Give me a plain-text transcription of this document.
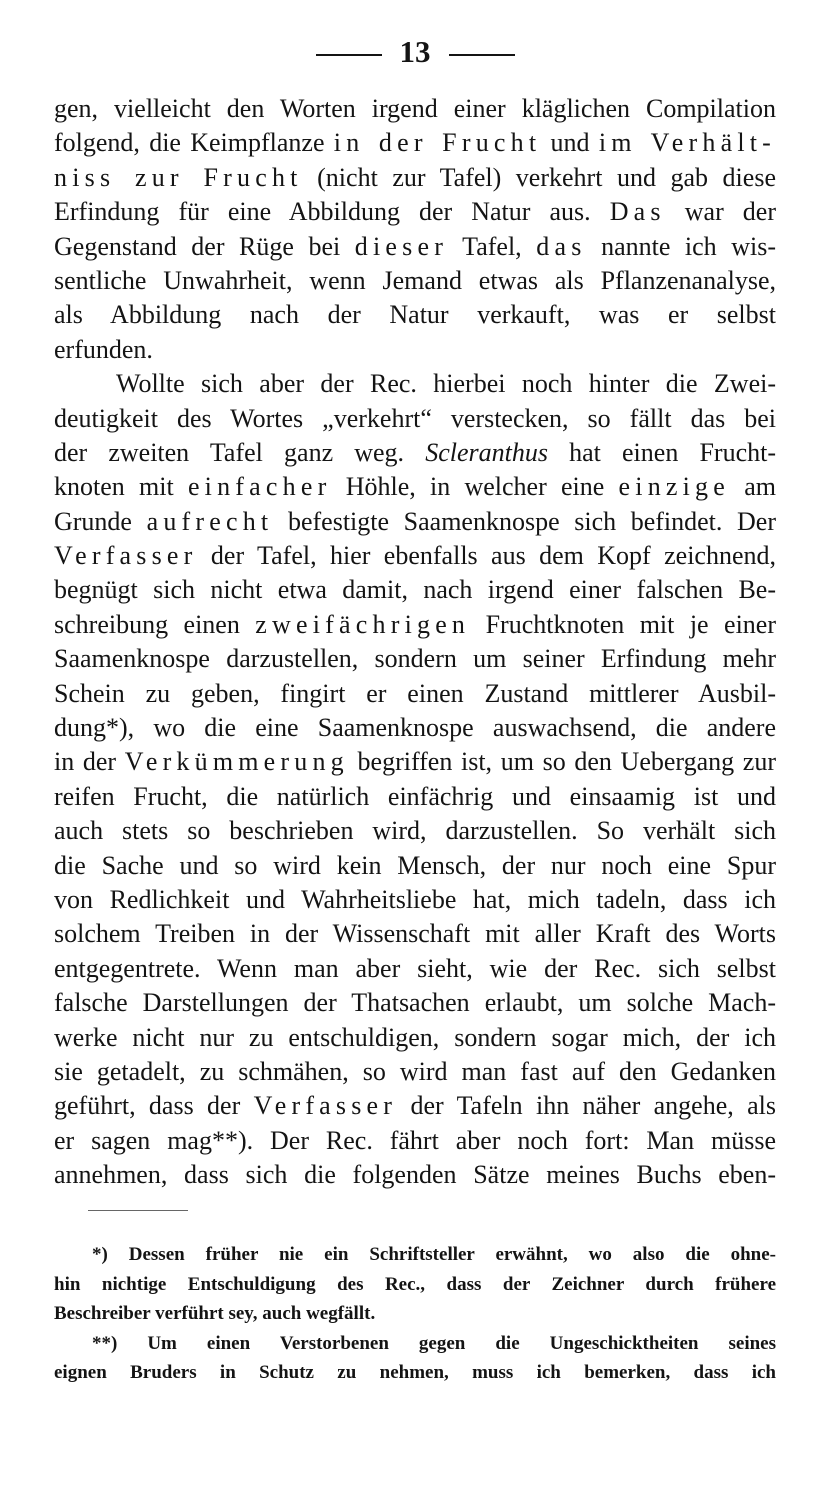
13
gen, vielleicht den Worten irgend einer kläglichen Compilation
folgend, die Keimpflanze in der Frucht und im Verhält-
niss zur Frucht (nicht zur Tafel) verkehrt und gab diese
Erfindung für eine Abbildung der Natur aus. Das war der
Gegenstand der Rüge bei dieser Tafel, das nannte ich wis-
sentliche Unwahrheit, wenn Jemand etwas als Pflanzenanalyse,
als Abbildung nach der Natur verkauft, was er selbst
erfunden.
Wollte sich aber der Rec. hierbei noch hinter die Zwei-
deutigkeit des Wortes „verkehrt“ verstecken, so fällt das bei
der zweiten Tafel ganz weg. Scleranthus hat einen Frucht-
knoten mit einfacher Höhle, in welcher eine einzige am
Grunde aufrecht befestigte Saamenknospe sich befindet. Der
Verfasser der Tafel, hier ebenfalls aus dem Kopf zeichnend,
begnügt sich nicht etwa damit, nach irgend einer falschen Be-
schreibung einen zweifächrigen Fruchtknoten mit je einer
Saamenknospe darzustellen, sondern um seiner Erfindung mehr
Schein zu geben, fingirt er einen Zustand mittlerer Ausbil-
dung*), wo die eine Saamenknospe auswachsend, die andere
in der Verkümmerung begriffen ist, um so den Uebergang zur
reifen Frucht, die natürlich einfächrig und einsaamig ist und
auch stets so beschrieben wird, darzustellen. So verhält sich
die Sache und so wird kein Mensch, der nur noch eine Spur
von Redlichkeit und Wahrheitsliebe hat, mich tadeln, dass ich
solchem Treiben in der Wissenschaft mit aller Kraft des Worts
entgegentrete. Wenn man aber sieht, wie der Rec. sich selbst
falsche Darstellungen der Thatsachen erlaubt, um solche Mach-
werke nicht nur zu entschuldigen, sondern sogar mich, der ich
sie getadelt, zu schmähen, so wird man fast auf den Gedanken
geführt, dass der Verfasser der Tafeln ihn näher angehe, als
er sagen mag**). Der Rec. fährt aber noch fort: Man müsse
annehmen, dass sich die folgenden Sätze meines Buchs eben-
*) Dessen früher nie ein Schriftsteller erwähnt, wo also die ohne-
hin nichtige Entschuldigung des Rec., dass der Zeichner durch frühere
Beschreiber verführt sey, auch wegfällt.
**) Um einen Verstorbenen gegen die Ungeschicktheiten seines
eignen Bruders in Schutz zu nehmen, muss ich bemerken, dass ich
